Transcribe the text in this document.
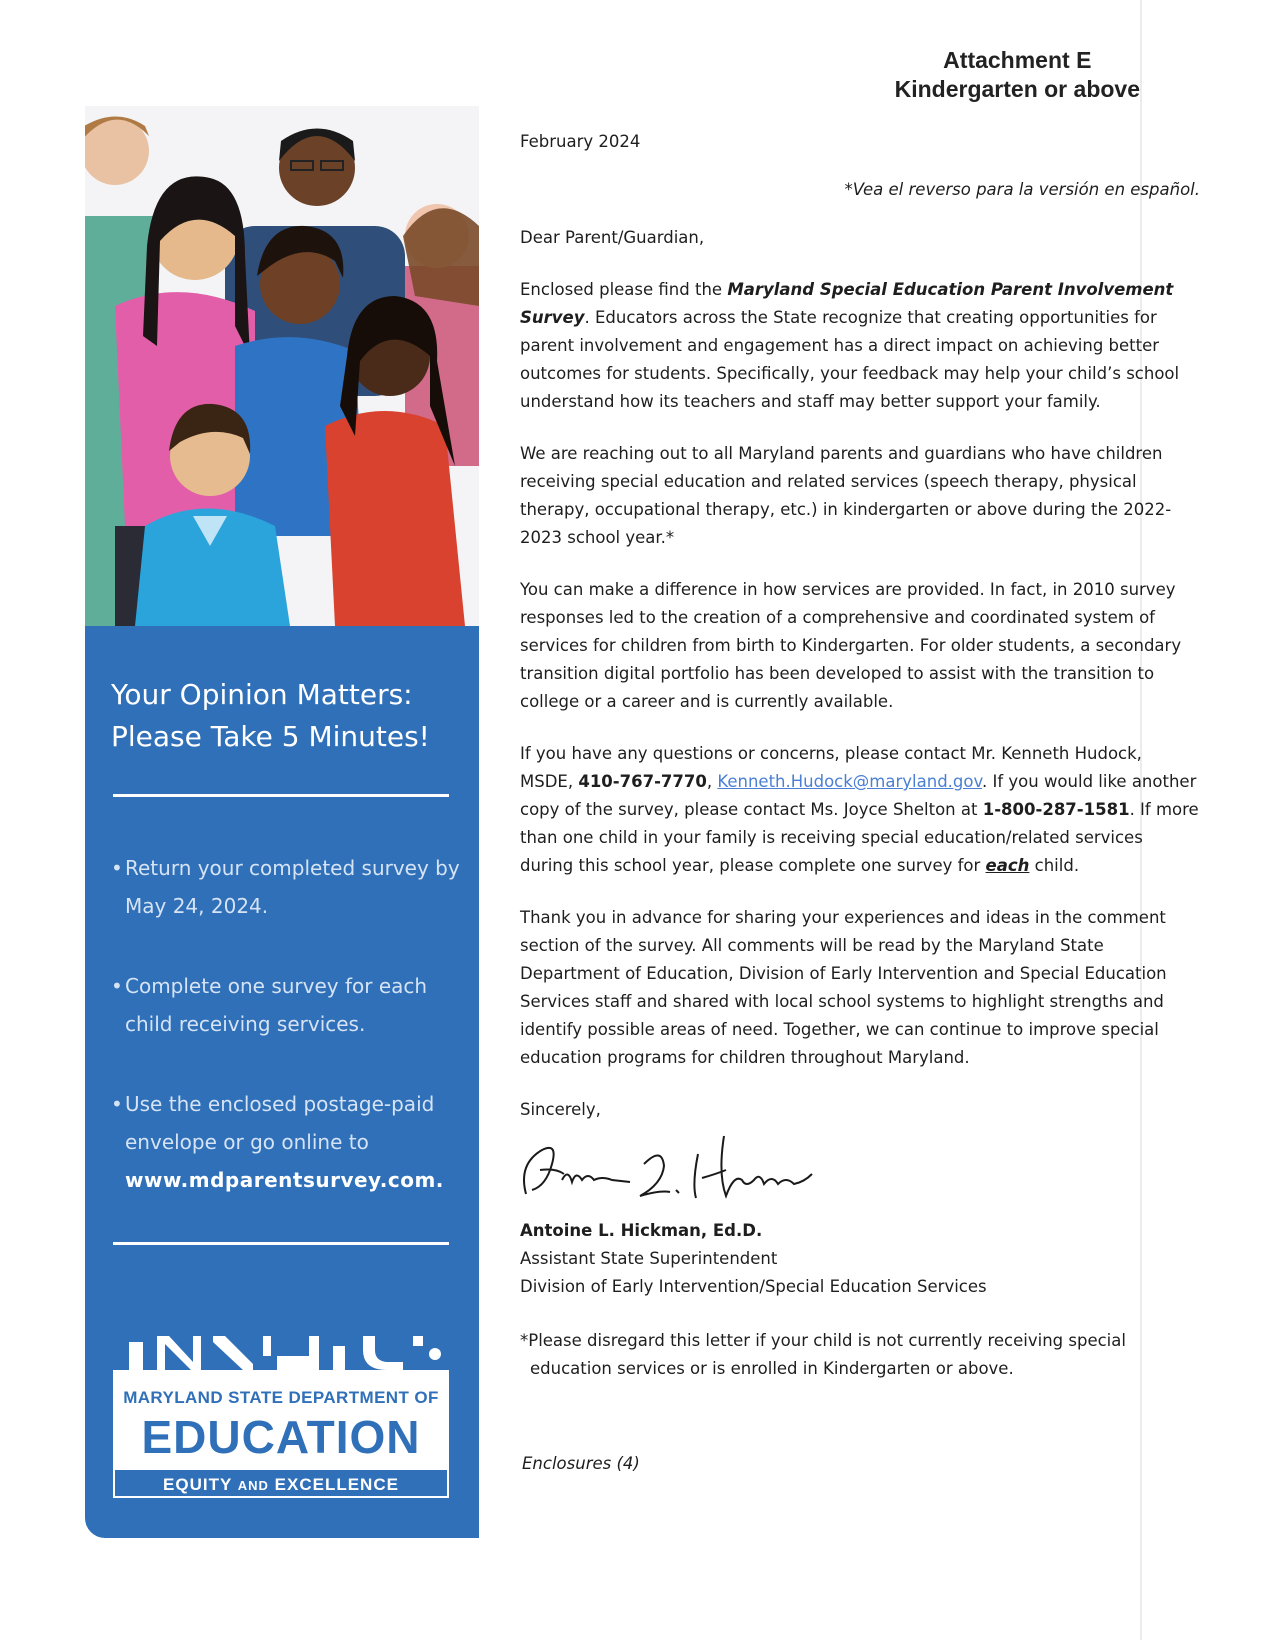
Attachment E
Kindergarten or above
Your Opinion Matters:
Please Take 5 Minutes!
• Return your completed survey by May 24, 2024.
• Complete one survey for each child receiving services.
• Use the enclosed postage-paid envelope or go online to www.mdparentsurvey.com.
MARYLAND STATE DEPARTMENT OF
EDUCATION
EQUITY AND EXCELLENCE

February 2024

*Vea el reverso para la versión en español.

Dear Parent/Guardian,

Enclosed please find the Maryland Special Education Parent Involvement Survey. Educators across the State recognize that creating opportunities for parent involvement and engagement has a direct impact on achieving better outcomes for students. Specifically, your feedback may help your child’s school understand how its teachers and staff may better support your family.

We are reaching out to all Maryland parents and guardians who have children receiving special education and related services (speech therapy, physical therapy, occupational therapy, etc.) in kindergarten or above during the 2022-2023 school year.*

You can make a difference in how services are provided. In fact, in 2010 survey responses led to the creation of a comprehensive and coordinated system of services for children from birth to Kindergarten. For older students, a secondary transition digital portfolio has been developed to assist with the transition to college or a career and is currently available.

If you have any questions or concerns, please contact Mr. Kenneth Hudock, MSDE, 410-767-7770, Kenneth.Hudock@maryland.gov. If you would like another copy of the survey, please contact Ms. Joyce Shelton at 1-800-287-1581. If more than one child in your family is receiving special education/related services during this school year, please complete one survey for each child.

Thank you in advance for sharing your experiences and ideas in the comment section of the survey. All comments will be read by the Maryland State Department of Education, Division of Early Intervention and Special Education Services staff and shared with local school systems to highlight strengths and identify possible areas of need. Together, we can continue to improve special education programs for children throughout Maryland.

Sincerely,

Antoine L. Hickman, Ed.D.

Assistant State Superintendent

Division of Early Intervention/Special Education Services

*Please disregard this letter if your child is not currently receiving special education services or is enrolled in Kindergarten or above.

Enclosures (4)
